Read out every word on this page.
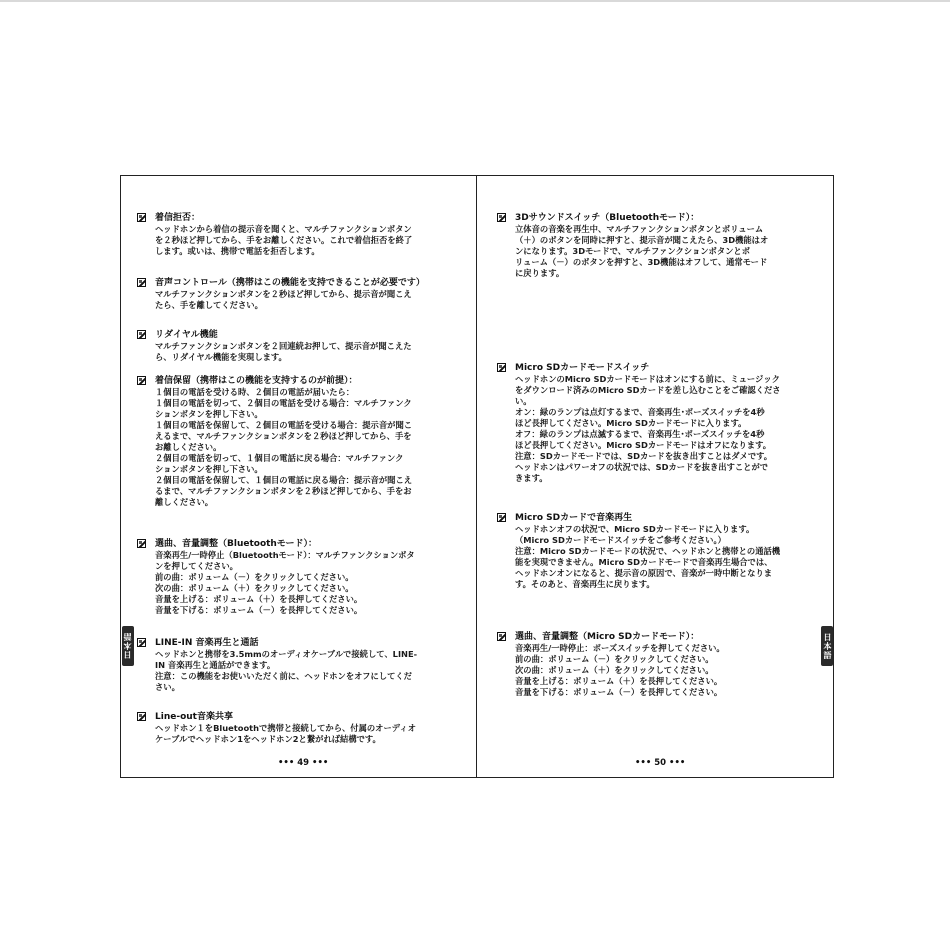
日本語	日本語
着信拒否：
ヘッドホンから着信の提示音を聞くと、マルチファンクションボタン
を２秒ほど押してから、手をお離しください。これで着信拒否を終了
します。或いは、携帯で電話を拒否します。
音声コントロール（携帯はこの機能を支持できることが必要です）
マルチファンクションボタンを２秒ほど押してから、提示音が聞こえ
たら、手を離してください。
リダイヤル機能
マルチファンクションボタンを２回連続お押して、提示音が聞こえた
ら、リダイヤル機能を実現します。
着信保留（携帯はこの機能を支持するのが前提）：
１個目の電話を受ける時、２個目の電話が届いたら：
１個目の電話を切って、２個目の電話を受ける場合：マルチファンク
ションボタンを押し下さい。
１個目の電話を保留して、２個目の電話を受ける場合：提示音が聞こ
えるまで、マルチファンクションボタンを２秒ほど押してから、手を
お離しください。
２個目の電話を切って、１個目の電話に戻る場合：マルチファンク
ションボタンを押し下さい。
２個目の電話を保留して、１個目の電話に戻る場合：提示音が聞こえ
るまで、マルチファンクションボタンを２秒ほど押してから、手をお
離しください。
選曲、音量調整（Bluetoothモード）：
音楽再生/一時停止（Bluetoothモード）：マルチファンクションボタ
ンを押してください。
前の曲：ボリューム（－）をクリックしてください。
次の曲：ボリューム（＋）をクリックしてください。
音量を上げる：ボリューム（＋）を長押してください。
音量を下げる：ボリューム（－）を長押してください。
LINE-IN 音楽再生と通話
ヘッドホンと携帯を3.5mmのオーディオケーブルで接続して、LINE-
IN 音楽再生と通話ができます。
注意：この機能をお使いいただく前に、ヘッドホンをオフにしてくだ
さい。
Line-out音楽共享
ヘッドホン１をBluetoothで携帯と接続してから、付属のオーディオ
ケーブルでヘッドホン1をヘッドホン2と繋がれば結構です。
3Dサウンドスイッチ（Bluetoothモード）：
立体音の音楽を再生中、マルチファンクションボタンとボリューム
（＋）のボタンを同時に押すと、提示音が聞こえたら、3D機能はオ
ンになります。3Dモードで、マルチファンクションボタンとボ
リューム（－）のボタンを押すと、3D機能はオフして、通常モード
に戻ります。
Micro SDカードモードスイッチ
ヘッドホンのMicro SDカードモードはオンにする前に、ミュージック
をダウンロード済みのMicro SDカードを差し込むことをご確認くださ
い。
オン：緑のランプは点灯するまで、音楽再生･ポーズスイッチを4秒
ほど長押してください。Micro SDカードモードに入ります。
オフ：緑のランプは点滅するまで、音楽再生･ポーズスイッチを4秒
ほど長押してください。Micro SDカードモードはオフになります。
注意：SDカードモードでは、SDカードを抜き出すことはダメです。
ヘッドホンはパワーオフの状況では、SDカードを抜き出すことがで
きます。
Micro SDカードで音楽再生
ヘッドホンオフの状況で、Micro SDカードモードに入ります。
（Micro SDカードモードスイッチをご参考ください。）
注意：Micro SDカードモードの状況で、ヘッドホンと携帯との通話機
能を実現できません。Micro SDカードモードで音楽再生場合では、
ヘッドホンオンになると、提示音の原因で、音楽が一時中断となりま
す。そのあと、音楽再生に戻ります。
選曲、音量調整（Micro SDカードモード）：
音楽再生/一時停止：ポーズスイッチを押してください。
前の曲：ボリューム（－）をクリックしてください。
次の曲：ボリューム（＋）をクリックしてください。
音量を上げる：ボリューム（＋）を長押してください。
音量を下げる：ボリューム（－）を長押してください。
••• 49 •••	••• 50 •••
